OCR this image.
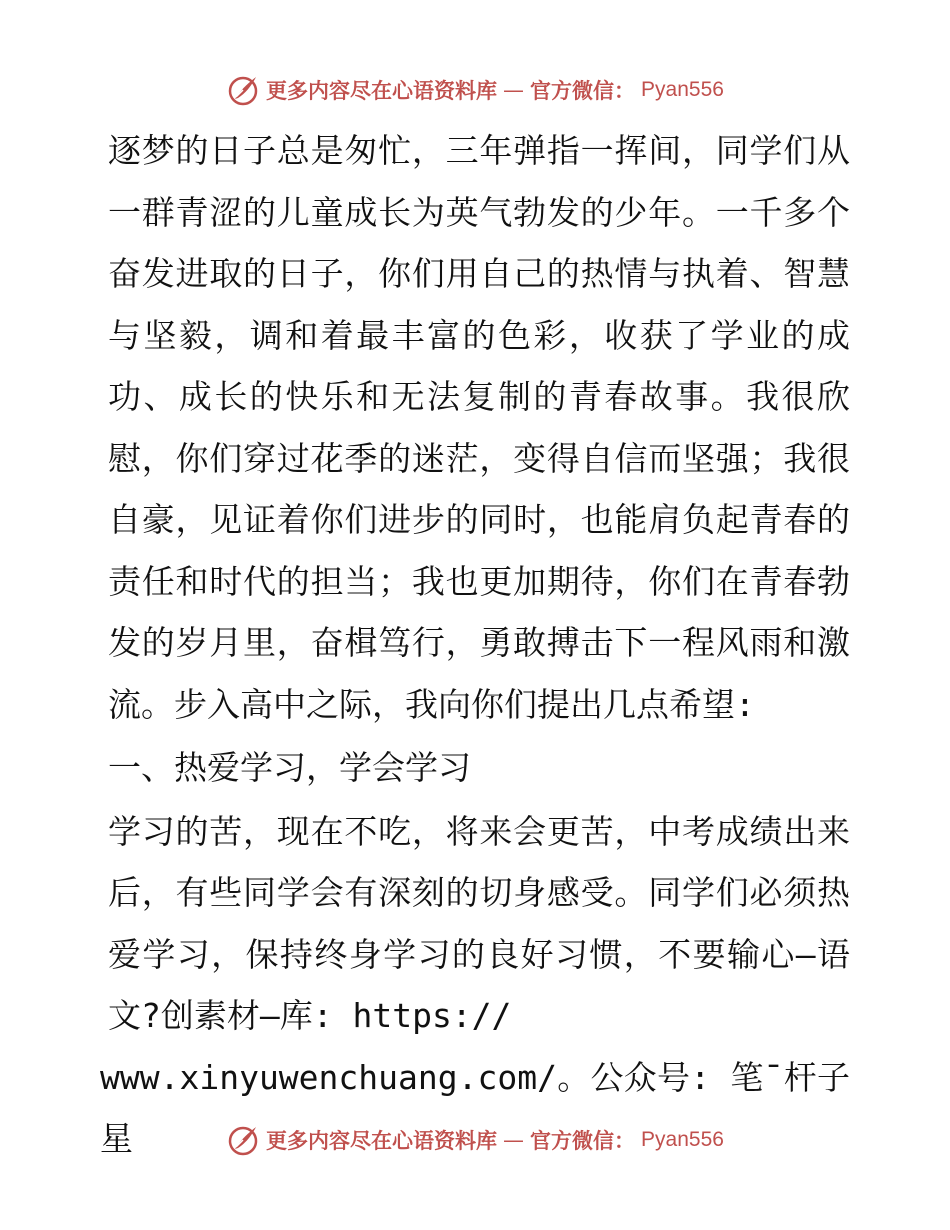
更多内容尽在心语资料库 — 官方微信： Pyan556

逐梦的日子总是匆忙，三年弹指一挥间，同学们从一群青涩的儿童成长为英气勃发的少年。一千多个奋发进取的日子，你们用自己的热情与执着、智慧与坚毅，调和着最丰富的色彩，收获了学业的成功、成长的快乐和无法复制的青春故事。我很欣慰，你们穿过花季的迷茫，变得自信而坚强；我很自豪，见证着你们进步的同时，也能肩负起青春的责任和时代的担当；我也更加期待，你们在青春勃发的岁月里，奋楫笃行，勇敢搏击下一程风雨和激流。步入高中之际，我向你们提出几点希望:

一、热爱学习，学会学习

学习的苦，现在不吃，将来会更苦，中考成绩出来后，有些同学会有深刻的切身感受。同学们必须热爱学习，保持终身学习的良好习惯，不要输心—语文?创素材—库: https://

www.xinyuwenchuang.com/。公众号: 笔¯杆子星	更多内容尽在心语资料库 — 官方微信： Pyan556
